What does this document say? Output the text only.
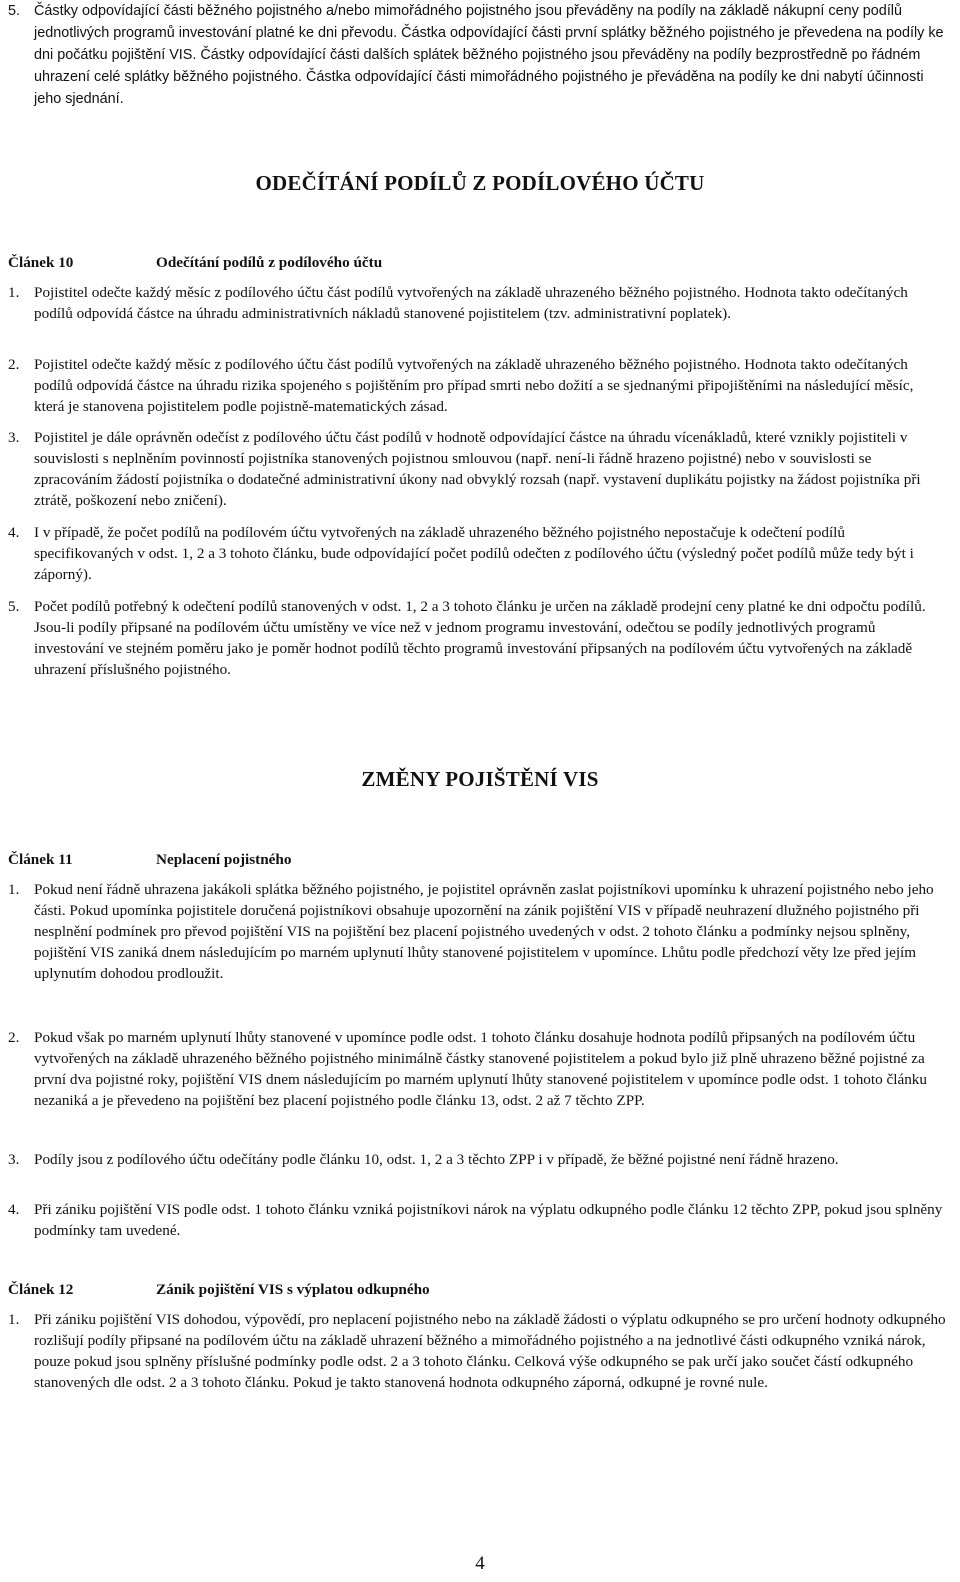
5. Částky odpovídající části běžného pojistného a/nebo mimořádného pojistného jsou převáděny na podíly na základě nákupní ceny podílů jednotlivých programů investování platné ke dni převodu. Částka odpovídající části první splátky běžného pojistného je převedena na podíly ke dni počátku pojištění VIS. Částky odpovídající části dalších splátek běžného pojistného jsou převáděny na podíly bezprostředně po řádném uhrazení celé splátky běžného pojistného. Částka odpovídající části mimořádného pojistného je převáděna na podíly ke dni nabytí účinnosti jeho sjednání.
ODEČÍTÁNÍ PODÍLŮ Z PODÍLOVÉHO ÚČTU
Článek 10	Odečítání podílů z podílového účtu
1. Pojistitel odečte každý měsíc z podílového účtu část podílů vytvořených na základě uhrazeného běžného pojistného. Hodnota takto odečítaných podílů odpovídá částce na úhradu administrativních nákladů stanovené pojistitelem (tzv. administrativní poplatek).
2. Pojistitel odečte každý měsíc z podílového účtu část podílů vytvořených na základě uhrazeného běžného pojistného. Hodnota takto odečítaných podílů odpovídá částce na úhradu rizika spojeného s pojištěním pro případ smrti nebo dožití a se sjednanými připojištěními na následující měsíc, která je stanovena pojistitelem podle pojistně-matematických zásad.
3. Pojistitel je dále oprávněn odečíst z podílového účtu část podílů v hodnotě odpovídající částce na úhradu vícenákladů, které vznikly pojistiteli v souvislosti s neplněním povinností pojistníka stanovených pojistnou smlouvou (např. není-li řádně hrazeno pojistné) nebo v souvislosti se zpracováním žádostí pojistníka o dodatečné administrativní úkony nad obvyklý rozsah (např. vystavení duplikátu pojistky na žádost pojistníka při ztrátě, poškození nebo zničení).
4. I v případě, že počet podílů na podílovém účtu vytvořených na základě uhrazeného běžného pojistného nepostačuje k odečtení podílů specifikovaných v odst. 1, 2 a 3 tohoto článku, bude odpovídající počet podílů odečten z podílového účtu (výsledný počet podílů může tedy být i záporný).
5. Počet podílů potřebný k odečtení podílů stanovených v odst. 1, 2 a 3 tohoto článku je určen na základě prodejní ceny platné ke dni odpočtu podílů. Jsou-li podíly připsané na podílovém účtu umístěny ve více než v jednom programu investování, odečtou se podíly jednotlivých programů investování ve stejném poměru jako je poměr hodnot podílů těchto programů investování připsaných na podílovém účtu vytvořených na základě uhrazení příslušného pojistného.
ZMĚNY POJIŠTĚNÍ VIS
Článek 11	Neplacení pojistného
1. Pokud není řádně uhrazena jakákoli splátka běžného pojistného, je pojistitel oprávněn zaslat pojistníkovi upomínku k uhrazení pojistného nebo jeho části. Pokud upomínka pojistitele doručená pojistníkovi obsahuje upozornění na zánik pojištění VIS v případě neuhrazení dlužného pojistného při nesplnění podmínek pro převod pojištění VIS na pojištění bez placení pojistného uvedených v odst. 2 tohoto článku a podmínky nejsou splněny, pojištění VIS zaniká dnem následujícím po marném uplynutí lhůty stanovené pojistitelem v upomínce. Lhůtu podle předchozí věty lze před jejím uplynutím dohodou prodloužit.
2. Pokud však po marném uplynutí lhůty stanovené v upomínce podle odst. 1 tohoto článku dosahuje hodnota podílů připsaných na podílovém účtu vytvořených na základě uhrazeného běžného pojistného minimálně částky stanovené pojistitelem a pokud bylo již plně uhrazeno běžné pojistné za první dva pojistné roky, pojištění VIS dnem následujícím po marném uplynutí lhůty stanovené pojistitelem v upomínce podle odst. 1 tohoto článku nezaniká a je převedeno na pojištění bez placení pojistného podle článku 13, odst. 2 až 7 těchto ZPP.
3. Podíly jsou z podílového účtu odečítány podle článku 10, odst. 1, 2 a 3 těchto ZPP i v případě, že běžné pojistné není řádně hrazeno.
4. Při zániku pojištění VIS podle odst. 1 tohoto článku vzniká pojistníkovi nárok na výplatu odkupného podle článku 12 těchto ZPP, pokud jsou splněny podmínky tam uvedené.
Článek 12	Zánik pojištění VIS s výplatou odkupného
1. Při zániku pojištění VIS dohodou, výpovědí, pro neplacení pojistného nebo na základě žádosti o výplatu odkupného se pro určení hodnoty odkupného rozlišují podíly připsané na podílovém účtu na základě uhrazení běžného a mimořádného pojistného a na jednotlivé části odkupného vzniká nárok, pouze pokud jsou splněny příslušné podmínky podle odst. 2 a 3 tohoto článku. Celková výše odkupného se pak určí jako součet částí odkupného stanovených dle odst. 2 a 3 tohoto článku. Pokud je takto stanovená hodnota odkupného záporná, odkupné je rovné nule.
4
